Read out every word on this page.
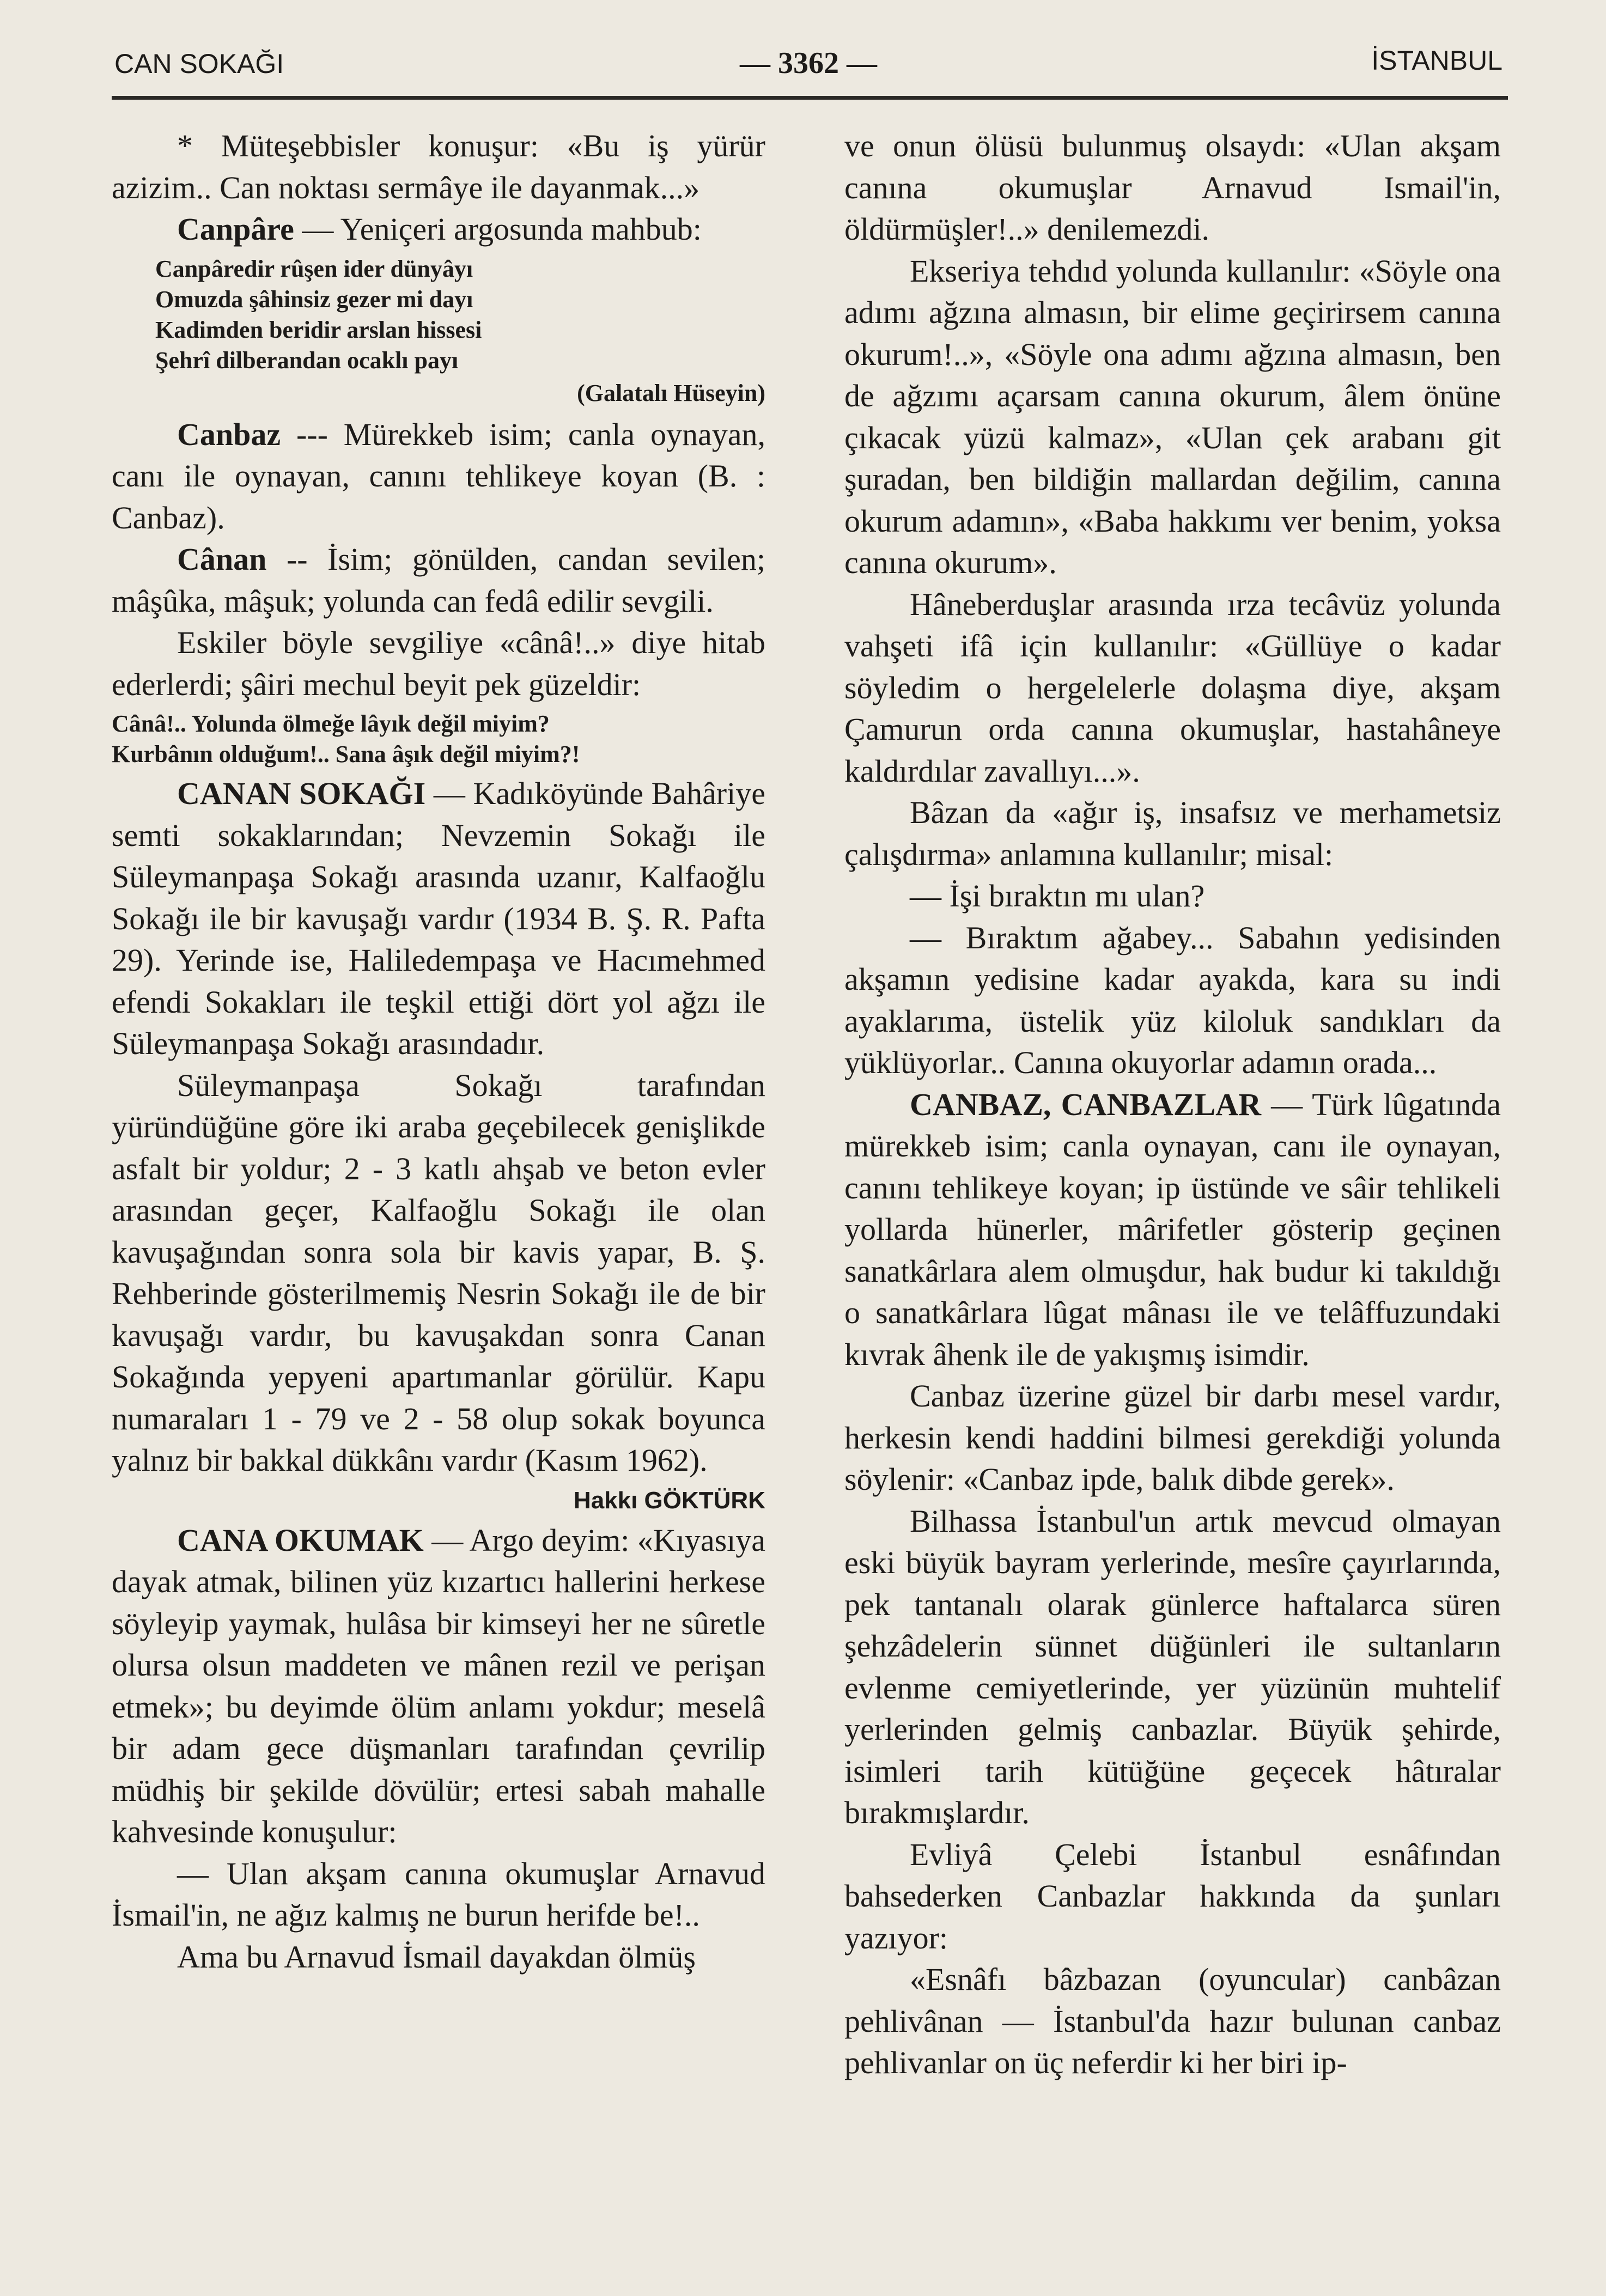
CAN SOKAĞI	— 3362 —	İSTANBUL

* Müteşebbisler konuşur: «Bu iş yürür azizim.. Can noktası sermâye ile dayanmak...»

Canpâre — Yeniçeri argosunda mahbub:

Canpâredir rûşen ider dünyâyı
Omuzda şâhinsiz gezer mi dayı
Kadimden beridir arslan hissesi
Şehrî dilberandan ocaklı payı
(Galatalı Hüseyin)

Canbaz --- Mürekkeb isim; canla oynayan, canı ile oynayan, canını tehlikeye koyan (B. : Canbaz).

Cânan -- İsim; gönülden, candan sevilen; mâşûka, mâşuk; yolunda can fedâ edilir sevgili.

Eskiler böyle sevgiliye «cânâ!..» diye hitab ederlerdi; şâiri mechul beyit pek güzeldir:

Cânâ!.. Yolunda ölmeğe lâyık değil miyim?
Kurbânın olduğum!.. Sana âşık değil miyim?!

CANAN SOKAĞI — Kadıköyünde Bahâriye semti sokaklarından; Nevzemin Sokağı ile Süleymanpaşa Sokağı arasında uzanır, Kalfaoğlu Sokağı ile bir kavuşağı vardır (1934 B. Ş. R. Pafta 29). Yerinde ise, Haliledempaşa ve Hacımehmed efendi Sokakları ile teşkil ettiği dört yol ağzı ile Süleymanpaşa Sokağı arasındadır.

Süleymanpaşa Sokağı tarafından yüründüğüne göre iki araba geçebilecek genişlikde asfalt bir yoldur; 2 - 3 katlı ahşab ve beton evler arasından geçer, Kalfaoğlu Sokağı ile olan kavuşağından sonra sola bir kavis yapar, B. Ş. Rehberinde gösterilmemiş Nesrin Sokağı ile de bir kavuşağı vardır, bu kavuşakdan sonra Canan Sokağında yepyeni apartımanlar görülür. Kapu numaraları 1 - 79 ve 2 - 58 olup sokak boyunca yalnız bir bakkal dükkânı vardır (Kasım 1962).

Hakkı GÖKTÜRK

CANA OKUMAK — Argo deyim: «Kıyasıya dayak atmak, bilinen yüz kızartıcı hallerini herkese söyleyip yaymak, hulâsa bir kimseyi her ne sûretle olursa olsun maddeten ve mânen rezil ve perişan etmek»; bu deyimde ölüm anlamı yokdur; meselâ bir adam gece düşmanları tarafından çevrilip müdhiş bir şekilde dövülür; ertesi sabah mahalle kahvesinde konuşulur:

— Ulan akşam canına okumuşlar Arnavud İsmail'in, ne ağız kalmış ne burun herifde be!..

Ama bu Arnavud İsmail dayakdan ölmüş

ve onun ölüsü bulunmuş olsaydı: «Ulan akşam canına okumuşlar Arnavud Ismail'in, öldürmüşler!..» denilemezdi.

Ekseriya tehdıd yolunda kullanılır: «Söyle ona adımı ağzına almasın, bir elime geçirirsem canına okurum!..», «Söyle ona adımı ağzına almasın, ben de ağzımı açarsam canına okurum, âlem önüne çıkacak yüzü kalmaz», «Ulan çek arabanı git şuradan, ben bildiğin mallardan değilim, canına okurum adamın», «Baba hakkımı ver benim, yoksa canına okurum».

Hâneberduşlar arasında ırza tecâvüz yolunda vahşeti ifâ için kullanılır: «Güllüye o kadar söyledim o hergelelerle dolaşma diye, akşam Çamurun orda canına okumuşlar, hastahâneye kaldırdılar zavallıyı...».

Bâzan da «ağır iş, insafsız ve merhametsiz çalışdırma» anlamına kullanılır; misal:

— İşi bıraktın mı ulan?

— Bıraktım ağabey... Sabahın yedisinden akşamın yedisine kadar ayakda, kara su indi ayaklarıma, üstelik yüz kiloluk sandıkları da yüklüyorlar.. Canına okuyorlar adamın orada...

CANBAZ, CANBAZLAR — Türk lûgatında mürekkeb isim; canla oynayan, canı ile oynayan, canını tehlikeye koyan; ip üstünde ve sâir tehlikeli yollarda hünerler, mârifetler gösterip geçinen sanatkârlara alem olmuşdur, hak budur ki takıldığı o sanatkârlara lûgat mânası ile ve telâffuzundaki kıvrak âhenk ile de yakışmış isimdir.

Canbaz üzerine güzel bir darbı mesel vardır, herkesin kendi haddini bilmesi gerekdiği yolunda söylenir: «Canbaz ipde, balık dibde gerek».

Bilhassa İstanbul'un artık mevcud olmayan eski büyük bayram yerlerinde, mesîre çayırlarında, pek tantanalı olarak günlerce haftalarca süren şehzâdelerin sünnet düğünleri ile sultanların evlenme cemiyetlerinde, yer yüzünün muhtelif yerlerinden gelmiş canbazlar. Büyük şehirde, isimleri tarih kütüğüne geçecek hâtıralar bırakmışlardır.

Evliyâ Çelebi İstanbul esnâfından bahsederken Canbazlar hakkında da şunları yazıyor:

«Esnâfı bâzbazan (oyuncular) canbâzan pehlivânan — İstanbul'da hazır bulunan canbaz pehlivanlar on üç neferdir ki her biri ip-
